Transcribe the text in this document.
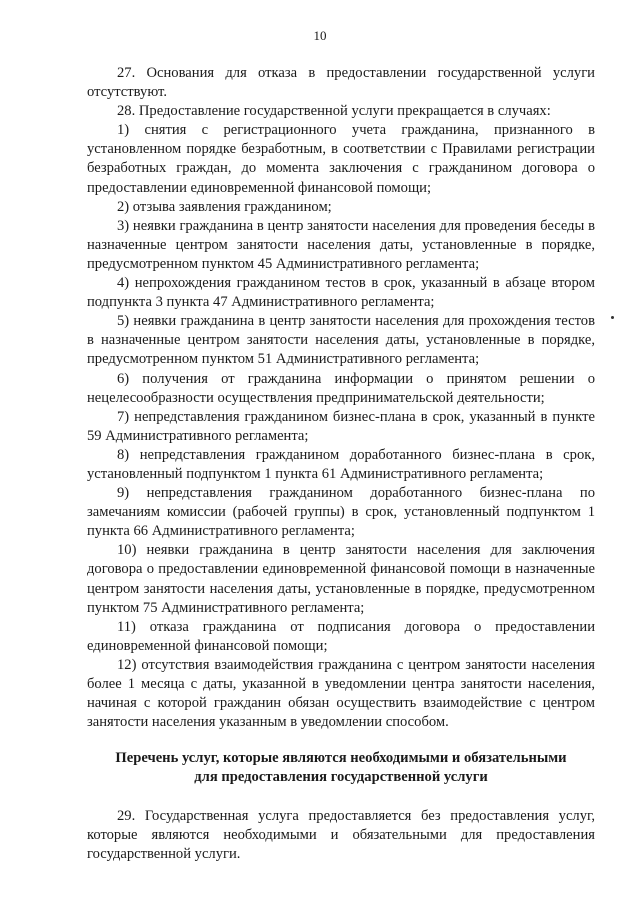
10

27. Основания для отказа в предоставлении государственной услуги отсутствуют.

28. Предоставление государственной услуги прекращается в случаях:

1) снятия с регистрационного учета гражданина, признанного в установленном порядке безработным, в соответствии с Правилами регистрации безработных граждан, до момента заключения с гражданином договора о предоставлении единовременной финансовой помощи;

2) отзыва заявления гражданином;

3) неявки гражданина в центр занятости населения для проведения беседы в назначенные центром занятости населения даты, установленные в порядке, предусмотренном пунктом 45 Административного регламента;

4) непрохождения гражданином тестов в срок, указанный в абзаце втором подпункта 3 пункта 47 Административного регламента;

5) неявки гражданина в центр занятости населения для прохождения тестов в назначенные центром занятости населения даты, установленные в порядке, предусмотренном пунктом 51 Административного регламента;

6) получения от гражданина информации о принятом решении о нецелесообразности осуществления предпринимательской деятельности;

7) непредставления гражданином бизнес-плана в срок, указанный в пункте 59 Административного регламента;

8) непредставления гражданином доработанного бизнес-плана в срок, установленный подпунктом 1 пункта 61 Административного регламента;

9) непредставления гражданином доработанного бизнес-плана по замечаниям комиссии (рабочей группы) в срок, установленный подпунктом 1 пункта 66 Административного регламента;

10) неявки гражданина в центр занятости населения для заключения договора о предоставлении единовременной финансовой помощи в назначенные центром занятости населения даты, установленные в порядке, предусмотренном пунктом 75 Административного регламента;

11) отказа гражданина от подписания договора о предоставлении единовременной финансовой помощи;

12) отсутствия взаимодействия гражданина с центром занятости населения более 1 месяца с даты, указанной в уведомлении центра занятости населения, начиная с которой гражданин обязан осуществить взаимодействие с центром занятости населения указанным в уведомлении способом.

Перечень услуг, которые являются необходимыми и обязательными
для предоставления государственной услуги

29. Государственная услуга предоставляется без предоставления услуг, которые являются необходимыми и обязательными для предоставления государственной услуги.
